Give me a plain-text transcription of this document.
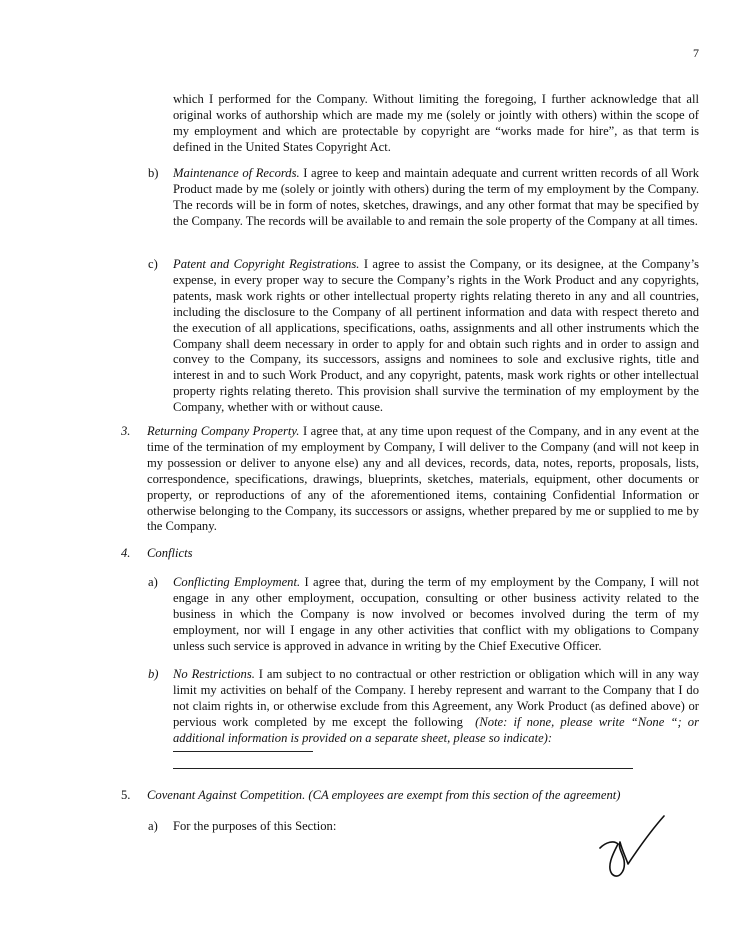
7
which I performed for the Company. Without limiting the foregoing, I further acknowledge that all original works of authorship which are made my me (solely or jointly with others) within the scope of my employment and which are protectable by copyright are “works made for hire”, as that term is defined in the United States Copyright Act.
b) Maintenance of Records. I agree to keep and maintain adequate and current written records of all Work Product made by me (solely or jointly with others) during the term of my employment by the Company. The records will be in form of notes, sketches, drawings, and any other format that may be specified by the Company. The records will be available to and remain the sole property of the Company at all times.
c) Patent and Copyright Registrations. I agree to assist the Company, or its designee, at the Company’s expense, in every proper way to secure the Company’s rights in the Work Product and any copyrights, patents, mask work rights or other intellectual property rights relating thereto in any and all countries, including the disclosure to the Company of all pertinent information and data with respect thereto and the execution of all applications, specifications, oaths, assignments and all other instruments which the Company shall deem necessary in order to apply for and obtain such rights and in order to assign and convey to the Company, its successors, assigns and nominees to sole and exclusive rights, title and interest in and to such Work Product, and any copyright, patents, mask work rights or other intellectual property rights relating thereto. This provision shall survive the termination of my employment by the Company, whether with or without cause.
3. Returning Company Property. I agree that, at any time upon request of the Company, and in any event at the time of the termination of my employment by Company, I will deliver to the Company (and will not keep in my possession or deliver to anyone else) any and all devices, records, data, notes, reports, proposals, lists, correspondence, specifications, drawings, blueprints, sketches, materials, equipment, other documents or property, or reproductions of any of the aforementioned items, containing Confidential Information or otherwise belonging to the Company, its successors or assigns, whether prepared by me or supplied to me by the Company.
4. Conflicts
a) Conflicting Employment. I agree that, during the term of my employment by the Company, I will not engage in any other employment, occupation, consulting or other business activity related to the business in which the Company is now involved or becomes involved during the term of my employment, nor will I engage in any other activities that conflict with my obligations to Company unless such service is approved in advance in writing by the Chief Executive Officer.
b) No Restrictions. I am subject to no contractual or other restriction or obligation which will in any way limit my activities on behalf of the Company. I hereby represent and warrant to the Company that I do not claim rights in, or otherwise exclude from this Agreement, any Work Product (as defined above) or pervious work completed by me except the following (Note: if none, please write “None “; or additional information is provided on a separate sheet, please so indicate):
5. Covenant Against Competition. (CA employees are exempt from this section of the agreement)
a) For the purposes of this Section:
